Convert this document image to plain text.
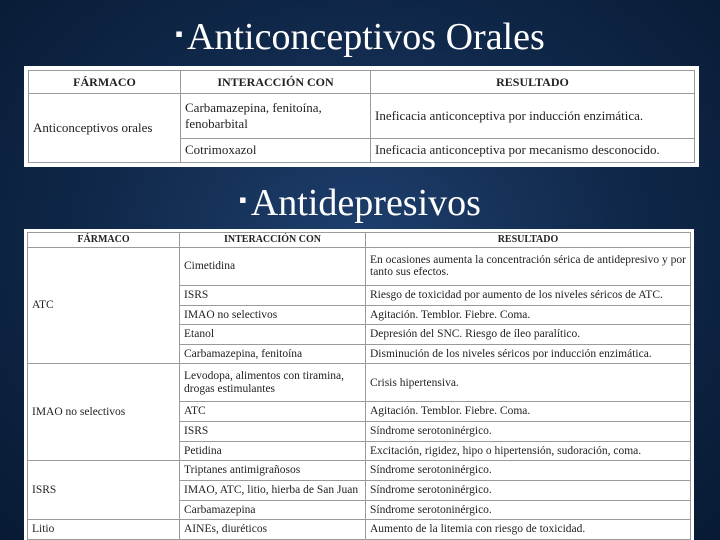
▪ Anticonceptivos Orales
FÁRMACO	INTERACCIÓN CON	RESULTADO
Anticonceptivos orales	Carbamazepina, fenitoína, fenobarbital	Ineficacia anticonceptiva por inducción enzimática.
	Cotrimoxazol	Ineficacia anticonceptiva por mecanismo desconocido.
▪ Antidepresivos
FÁRMACO	INTERACCIÓN CON	RESULTADO
ATC	Cimetidina	En ocasiones aumenta la concentración sérica de antidepresivo y por tanto sus efectos.
	ISRS	Riesgo de toxicidad por aumento de los niveles séricos de ATC.
	IMAO no selectivos	Agitación. Temblor. Fiebre. Coma.
	Etanol	Depresión del SNC. Riesgo de íleo paralítico.
	Carbamazepina, fenitoína	Disminución de los niveles séricos por inducción enzimática.
IMAO no selectivos	Levodopa, alimentos con tiramina, drogas estimulantes	Crisis hipertensiva.
	ATC	Agitación. Temblor. Fiebre. Coma.
	ISRS	Síndrome serotoninérgico.
	Petidina	Excitación, rigidez, hipo o hipertensión, sudoración, coma.
ISRS	Triptanes antimigrañosos	Síndrome serotoninérgico.
	IMAO, ATC, litio, hierba de San Juan	Síndrome serotoninérgico.
	Carbamazepina	Síndrome serotoninérgico.
Litio	AINEs, diuréticos	Aumento de la litemia con riesgo de toxicidad.
